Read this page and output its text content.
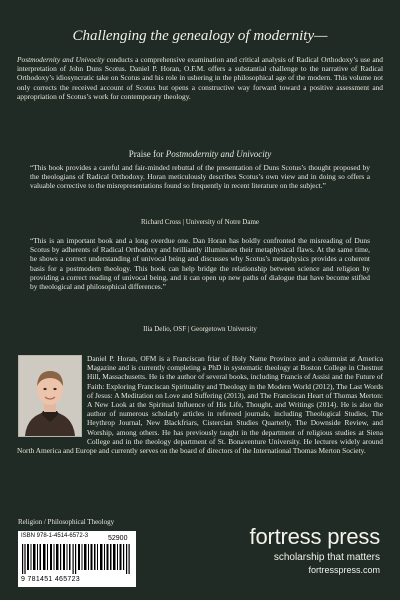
Challenging the genealogy of modernity—
Postmodernity and Univocity conducts a comprehensive examination and critical analysis of Radical Orthodoxy’s use and interpretation of John Duns Scotus. Daniel P. Horan, O.F.M. offers a substantial challenge to the narrative of Radical Orthodoxy’s idiosyncratic take on Scotus and his role in ushering in the philosophical age of the modern. This volume not only corrects the received account of Scotus but opens a constructive way forward toward a positive assessment and appropriation of Scotus’s work for contemporary theology.
Praise for Postmodernity and Univocity
“This book provides a careful and fair-minded rebuttal of the presentation of Duns Scotus’s thought proposed by the theologians of Radical Orthodoxy. Horan meticulously describes Scotus’s own view and in doing so offers a valuable corrective to the misrepresentations found so frequently in recent literature on the subject.”
Richard Cross | University of Notre Dame
“This is an important book and a long overdue one. Dan Horan has boldly confronted the misreading of Duns Scotus by adherents of Radical Orthodoxy and brilliantly illuminates their metaphysical flaws. At the same time, he shows a correct understanding of univocal being and discusses why Scotus’s metaphysics provides a coherent basis for a postmodern theology. This book can help bridge the relationship between science and religion by providing a correct reading of univocal being, and it can open up new paths of dialogue that have become stifled by theological and philosophical differences.”
Ilia Delio, OSF | Georgetown University
Daniel P. Horan, OFM is a Franciscan friar of Holy Name Province and a columnist at America Magazine and is currently completing a PhD in systematic theology at Boston College in Chestnut Hill, Massachusetts. He is the author of several books, including Francis of Assisi and the Future of Faith: Exploring Franciscan Spirituality and Theology in the Modern World (2012), The Last Words of Jesus: A Meditation on Love and Suffering (2013), and The Franciscan Heart of Thomas Merton: A New Look at the Spiritual Influence of His Life, Thought, and Writings (2014). He is also the author of numerous scholarly articles in refereed journals, including Theological Studies, The Heythrop Journal, New Blackfriars, Cistercian Studies Quarterly, The Downside Review, and Worship, among others. He has previously taught in the department of religious studies at Siena College and in the theology department of St. Bonaventure University. He lectures widely around North America and Europe and currently serves on the board of directors of the International Thomas Merton Society.
Religion / Philosophical Theology
ISBN 978-1-4514-6572-3	52900
9 781451 465723
fortress press
scholarship that matters
fortresspress.com
